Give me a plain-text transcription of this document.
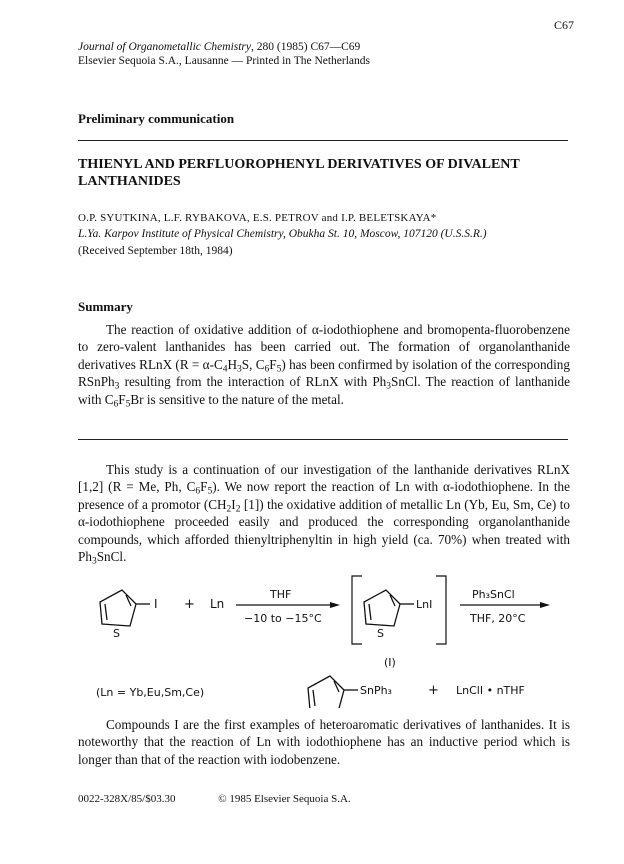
C67
Journal of Organometallic Chemistry, 280 (1985) C67—C69
Elsevier Sequoia S.A., Lausanne — Printed in The Netherlands
Preliminary communication
THIENYL AND PERFLUOROPHENYL DERIVATIVES OF DIVALENT LANTHANIDES
O.P. SYUTKINA, L.F. RYBAKOVA, E.S. PETROV and I.P. BELETSKAYA*
L.Ya. Karpov Institute of Physical Chemistry, Obukha St. 10, Moscow, 107120 (U.S.S.R.)
(Received September 18th, 1984)
Summary
The reaction of oxidative addition of α-iodothiophene and bromopenta-fluorobenzene to zero-valent lanthanides has been carried out. The formation of organolanthanide derivatives RLnX ($R = \alpha-C_4H_3S$, $C_6F_5$) has been confirmed by isolation of the corresponding RSnPh$_3$ resulting from the interaction of RLnX with $Ph_3SnCl$. The reaction of lanthanide with $C_6F_5Br$ is sensitive to the nature of the metal.
This study is a continuation of our investigation of the lanthanide derivatives RLnX [1,2] (R = Me, Ph, $C_6F_5$). We now report the reaction of Ln with α-iodothiophene. In the presence of a promotor ($CH_2I_2$ [1]) the oxidative addition of metallic Ln (Yb, Eu, Sm, Ce) to α-iodothiophene proceeded easily and produced the corresponding organolanthanide compounds, which afforded thienyltriphenyltin in high yield (ca. 70%) when treated with $Ph_3SnCl$.
S
I + Ln
THF
−10 to −15°C
S
LnI
(I)
Ph₃SnCl
THF, 20°C
(Ln = Yb,Eu,Sm,Ce)	SnPh₃	+ LnClI • nTHF
Compounds I are the first examples of heteroaromatic derivatives of lanthanides. It is noteworthy that the reaction of Ln with iodothiophene has an inductive period which is longer than that of the reaction with iodobenzene.
0022-328X/85/$03.30	© 1985 Elsevier Sequoia S.A.
